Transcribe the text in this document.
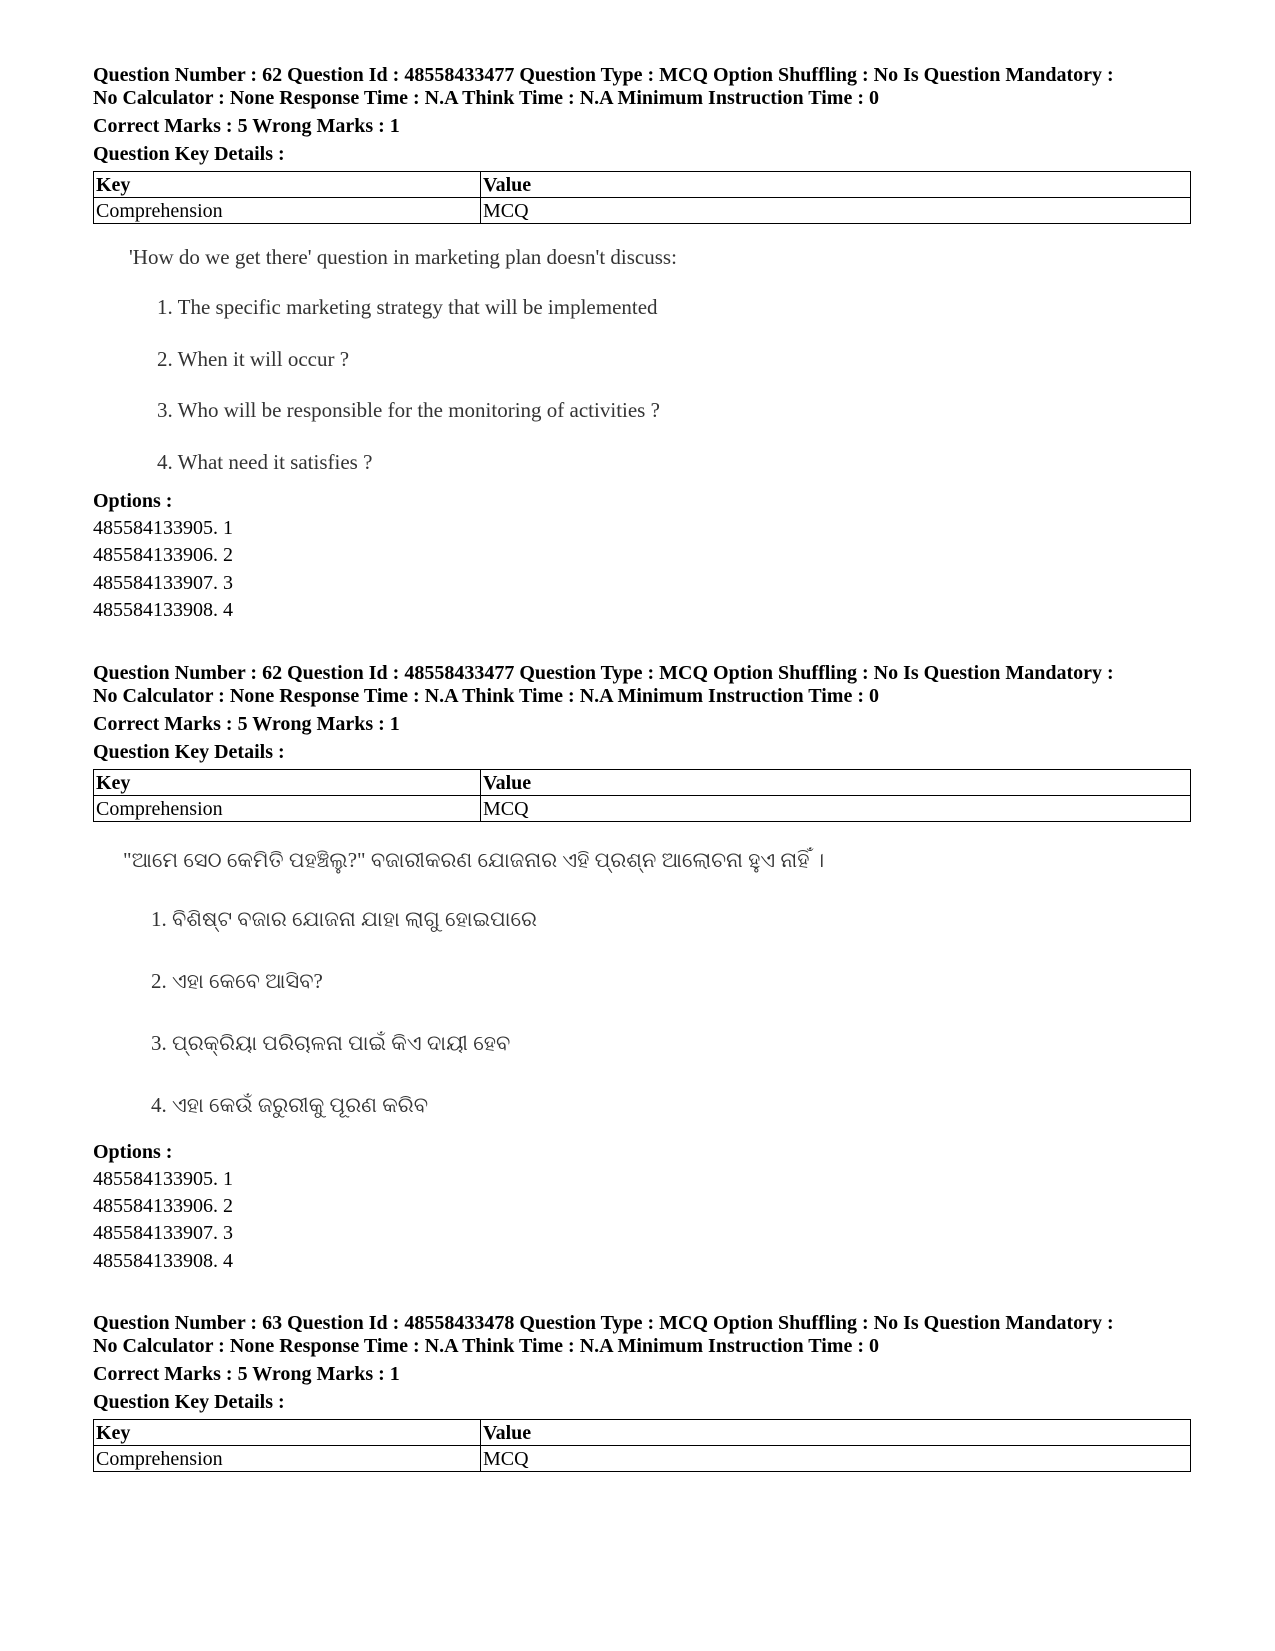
Question Number : 62 Question Id : 48558433477 Question Type : MCQ Option Shuffling : No Is Question Mandatory :

No Calculator : None Response Time : N.A Think Time : N.A Minimum Instruction Time : 0

Correct Marks : 5 Wrong Marks : 1
Question Key Details :
Key	Value
Comprehension	MCQ
'How do we get there' question in marketing plan doesn't discuss:
1. The specific marketing strategy that will be implemented
2. When it will occur ?
3. Who will be responsible for the monitoring of activities ?
4. What need it satisfies ?
Options :
485584133905. 1
485584133906. 2
485584133907. 3
485584133908. 4

Question Number : 62 Question Id : 48558433477 Question Type : MCQ Option Shuffling : No Is Question Mandatory :

No Calculator : None Response Time : N.A Think Time : N.A Minimum Instruction Time : 0

Correct Marks : 5 Wrong Marks : 1
Question Key Details :
Key	Value
Comprehension	MCQ
"ଆମେ ସେଠ କେମିତି ପହଞ୍ଚିଲୁ?" ବଜାରୀକରଣ ଯୋଜନାର ଏହି ପ୍ରଶ୍ନ ଆଲୋଚନା ହୁଏ ନାହିଁ ।
1. ବିଶିଷ୍ଟ ବଜାର ଯୋଜନା ଯାହା ଲାଗୁ ହୋଇପାରେ
2. ଏହା କେବେ ଆସିବ?
3. ପ୍ରକ୍ରିୟା ପରିଚାଳନା ପାଇଁ କିଏ ଦାୟୀ ହେବ
4. ଏହା କେଉଁ ଜରୁରୀକୁ ପୂରଣ କରିବ
Options :
485584133905. 1
485584133906. 2
485584133907. 3
485584133908. 4

Question Number : 63 Question Id : 48558433478 Question Type : MCQ Option Shuffling : No Is Question Mandatory :

No Calculator : None Response Time : N.A Think Time : N.A Minimum Instruction Time : 0

Correct Marks : 5 Wrong Marks : 1
Question Key Details :
Key	Value
Comprehension	MCQ
